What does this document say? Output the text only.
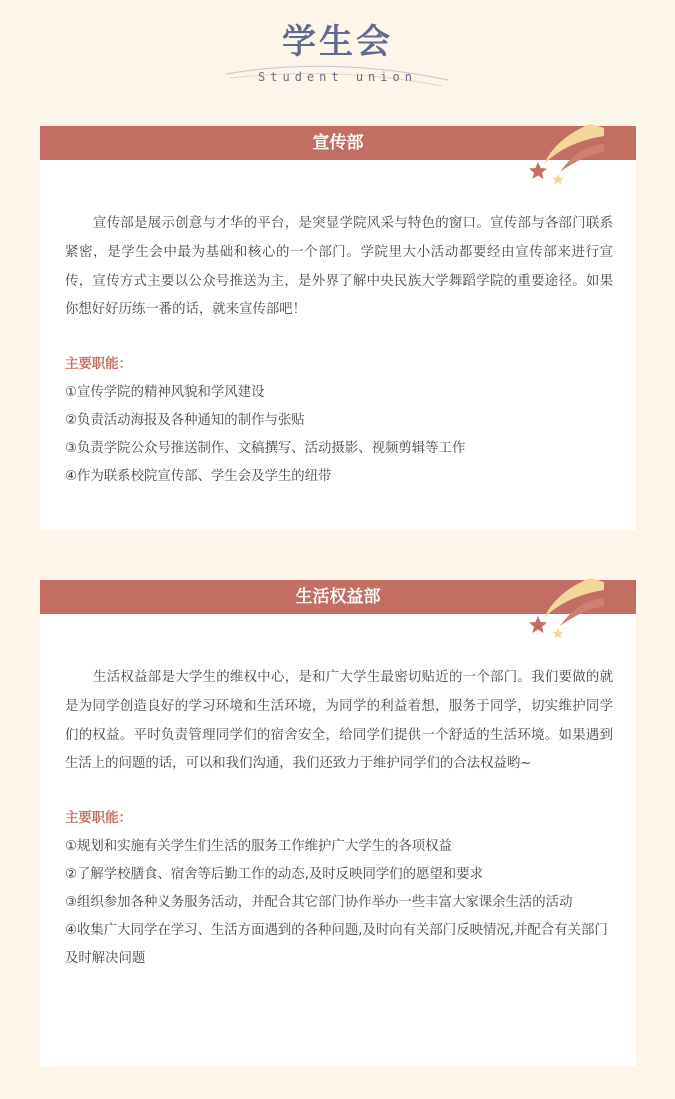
学生会
Student union
宣传部

宣传部是展示创意与才华的平台，是突显学院风采与特色的窗口。宣传部与各部门联系紧密，是学生会中最为基础和核心的一个部门。学院里大小活动都要经由宣传部来进行宣传，宣传方式主要以公众号推送为主，是外界了解中央民族大学舞蹈学院的重要途径。如果你想好好历练一番的话，就来宣传部吧！

主要职能：
①宣传学院的精神风貌和学风建设
②负责活动海报及各种通知的制作与张贴
③负责学院公众号推送制作、文稿撰写、活动摄影、视频剪辑等工作
④作为联系校院宣传部、学生会及学生的纽带
生活权益部

生活权益部是大学生的维权中心，是和广大学生最密切贴近的一个部门。我们要做的就是为同学创造良好的学习环境和生活环境，为同学的利益着想，服务于同学，切实维护同学们的权益。平时负责管理同学们的宿舍安全，给同学们提供一个舒适的生活环境。如果遇到生活上的问题的话，可以和我们沟通，我们还致力于维护同学们的合法权益哟~

主要职能：
①规划和实施有关学生们生活的服务工作维护广大学生的各项权益
②了解学校膳食、宿舍等后勤工作的动态,及时反映同学们的愿望和要求
③组织参加各种义务服务活动，并配合其它部门协作举办一些丰富大家课余生活的活动
④收集广大同学在学习、生活方面遇到的各种问题,及时向有关部门反映情况,并配合有关部门及时解决问题
